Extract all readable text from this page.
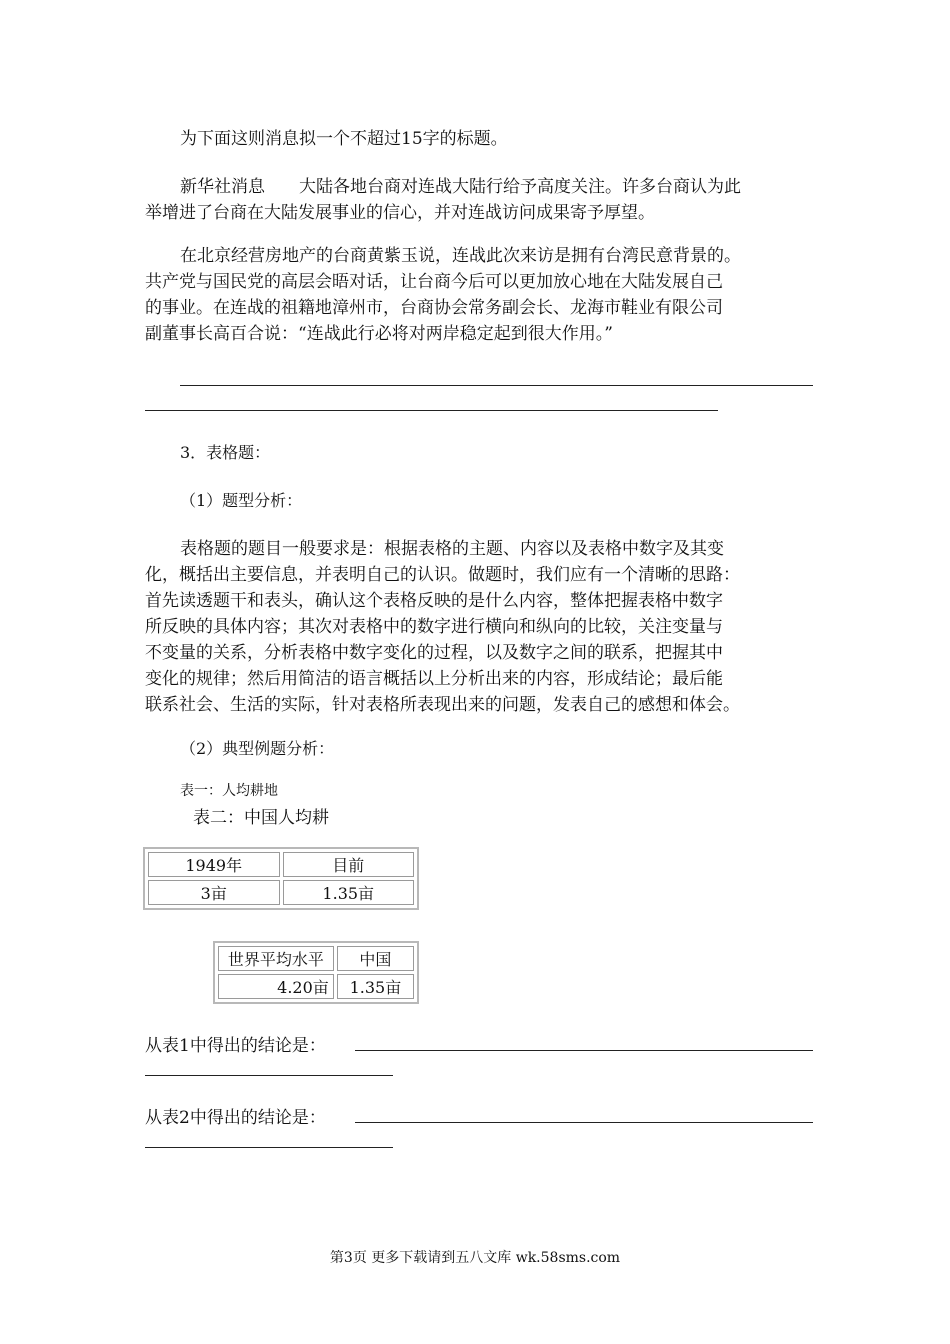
为下面这则消息拟一个不超过15字的标题。
新华社消息　　大陆各地台商对连战大陆行给予高度关注。许多台商认为此
举增进了台商在大陆发展事业的信心，并对连战访问成果寄予厚望。
在北京经营房地产的台商黄紫玉说，连战此次来访是拥有台湾民意背景的。
共产党与国民党的高层会晤对话，让台商今后可以更加放心地在大陆发展自己
的事业。在连战的祖籍地漳州市，台商协会常务副会长、龙海市鞋业有限公司
副董事长高百合说：“连战此行必将对两岸稳定起到很大作用。”
3．表格题：
（1）题型分析：
表格题的题目一般要求是：根据表格的主题、内容以及表格中数字及其变
化，概括出主要信息，并表明自己的认识。做题时，我们应有一个清晰的思路：
首先读透题干和表头，确认这个表格反映的是什么内容，整体把握表格中数字
所反映的具体内容；其次对表格中的数字进行横向和纵向的比较，关注变量与
不变量的关系，分析表格中数字变化的过程，以及数字之间的联系，把握其中
变化的规律；然后用简洁的语言概括以上分析出来的内容，形成结论；最后能
联系社会、生活的实际，针对表格所表现出来的问题，发表自己的感想和体会。
（2）典型例题分析：
表一：人均耕地
表二：中国人均耕
1949年	目前
3亩	1.35亩
世界平均水平	中国
4.20亩	1.35亩
从表1中得出的结论是：
从表2中得出的结论是：
第3页 更多下载请到五八文库 wk.58sms.com
